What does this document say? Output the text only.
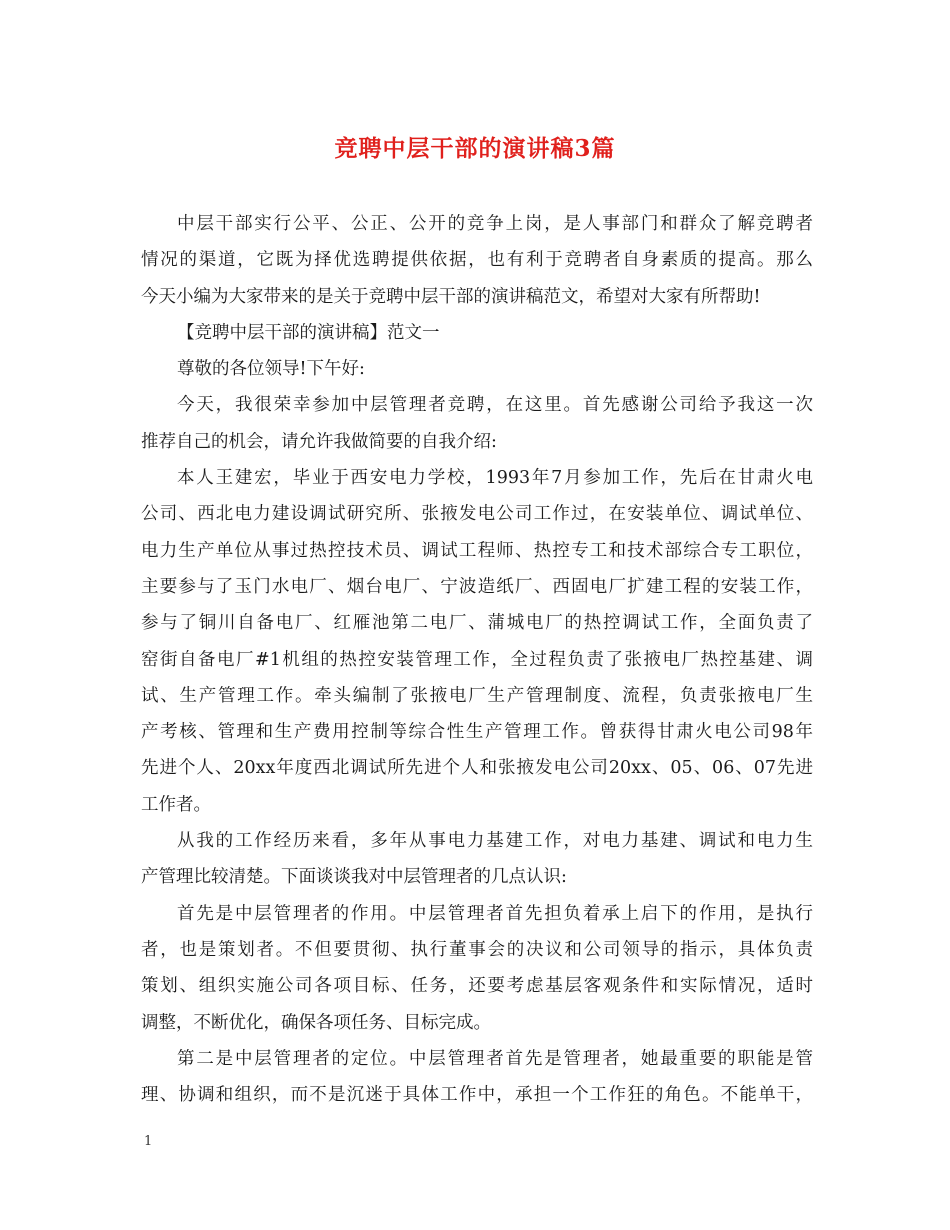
竞聘中层干部的演讲稿3篇
中层干部实行公平、公正、公开的竞争上岗，是人事部门和群众了解竞聘者
情况的渠道，它既为择优选聘提供依据，也有利于竞聘者自身素质的提高。那么
今天小编为大家带来的是关于竞聘中层干部的演讲稿范文，希望对大家有所帮助!
【竞聘中层干部的演讲稿】范文一
尊敬的各位领导!下午好:
今天，我很荣幸参加中层管理者竞聘，在这里。首先感谢公司给予我这一次
推荐自己的机会，请允许我做简要的自我介绍:
本人王建宏，毕业于西安电力学校，1993年7月参加工作，先后在甘肃火电
公司、西北电力建设调试研究所、张掖发电公司工作过，在安装单位、调试单位、
电力生产单位从事过热控技术员、调试工程师、热控专工和技术部综合专工职位，
主要参与了玉门水电厂、烟台电厂、宁波造纸厂、西固电厂扩建工程的安装工作，
参与了铜川自备电厂、红雁池第二电厂、蒲城电厂的热控调试工作，全面负责了
窑街自备电厂#1机组的热控安装管理工作，全过程负责了张掖电厂热控基建、调
试、生产管理工作。牵头编制了张掖电厂生产管理制度、流程，负责张掖电厂生
产考核、管理和生产费用控制等综合性生产管理工作。曾获得甘肃火电公司98年
先进个人、20xx年度西北调试所先进个人和张掖发电公司20xx、05、06、07先进
工作者。
从我的工作经历来看，多年从事电力基建工作，对电力基建、调试和电力生
产管理比较清楚。下面谈谈我对中层管理者的几点认识:
首先是中层管理者的作用。中层管理者首先担负着承上启下的作用，是执行
者，也是策划者。不但要贯彻、执行董事会的决议和公司领导的指示，具体负责
策划、组织实施公司各项目标、任务，还要考虑基层客观条件和实际情况，适时
调整，不断优化，确保各项任务、目标完成。
第二是中层管理者的定位。中层管理者首先是管理者，她最重要的职能是管
理、协调和组织，而不是沉迷于具体工作中，承担一个工作狂的角色。不能单干，
1
